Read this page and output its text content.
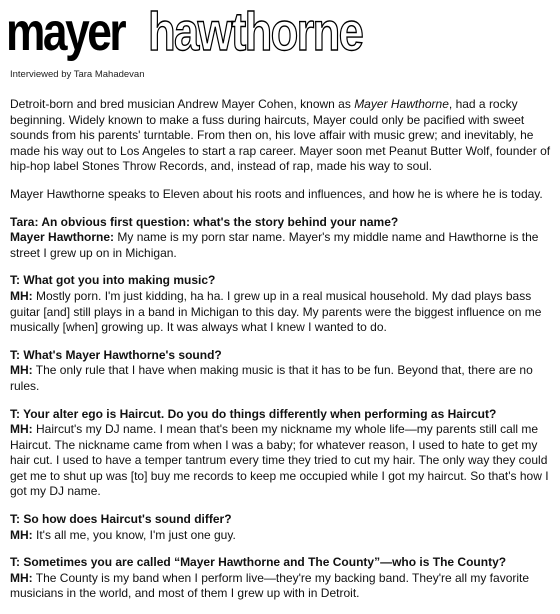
mayer hawthorne
Interviewed by Tara Mahadevan

Detroit-born and bred musician Andrew Mayer Cohen, known as Mayer Hawthorne, had a rocky beginning. Widely known to make a fuss during haircuts, Mayer could only be pacified with sweet sounds from his parents' turntable. From then on, his love affair with music grew; and inevitably, he made his way out to Los Angeles to start a rap career. Mayer soon met Peanut Butter Wolf, founder of hip-hop label Stones Throw Records, and, instead of rap, made his way to soul.

Mayer Hawthorne speaks to Eleven about his roots and influences, and how he is where he is today.

Tara: An obvious first question: what's the story behind your name?
Mayer Hawthorne: My name is my porn star name. Mayer's my middle name and Hawthorne is the street I grew up on in Michigan.
T: What got you into making music?
MH: Mostly porn. I'm just kidding, ha ha. I grew up in a real musical household. My dad plays bass guitar [and] still plays in a band in Michigan to this day. My parents were the biggest influence on me musically [when] growing up. It was always what I knew I wanted to do.
T: What's Mayer Hawthorne's sound?
MH: The only rule that I have when making music is that it has to be fun. Beyond that, there are no rules.
T: Your alter ego is Haircut. Do you do things differently when performing as Haircut?
MH: Haircut's my DJ name. I mean that's been my nickname my whole life—my parents still call me Haircut. The nickname came from when I was a baby; for whatever reason, I used to hate to get my hair cut. I used to have a temper tantrum every time they tried to cut my hair. The only way they could get me to shut up was [to] buy me records to keep me occupied while I got my haircut. So that's how I got my DJ name.
T: So how does Haircut's sound differ?
MH: It's all me, you know, I'm just one guy.
T: Sometimes you are called “Mayer Hawthorne and The County”—who is The County?
MH: The County is my band when I perform live—they're my backing band. They're all my favorite musicians in the world, and most of them I grew up with in Detroit.
